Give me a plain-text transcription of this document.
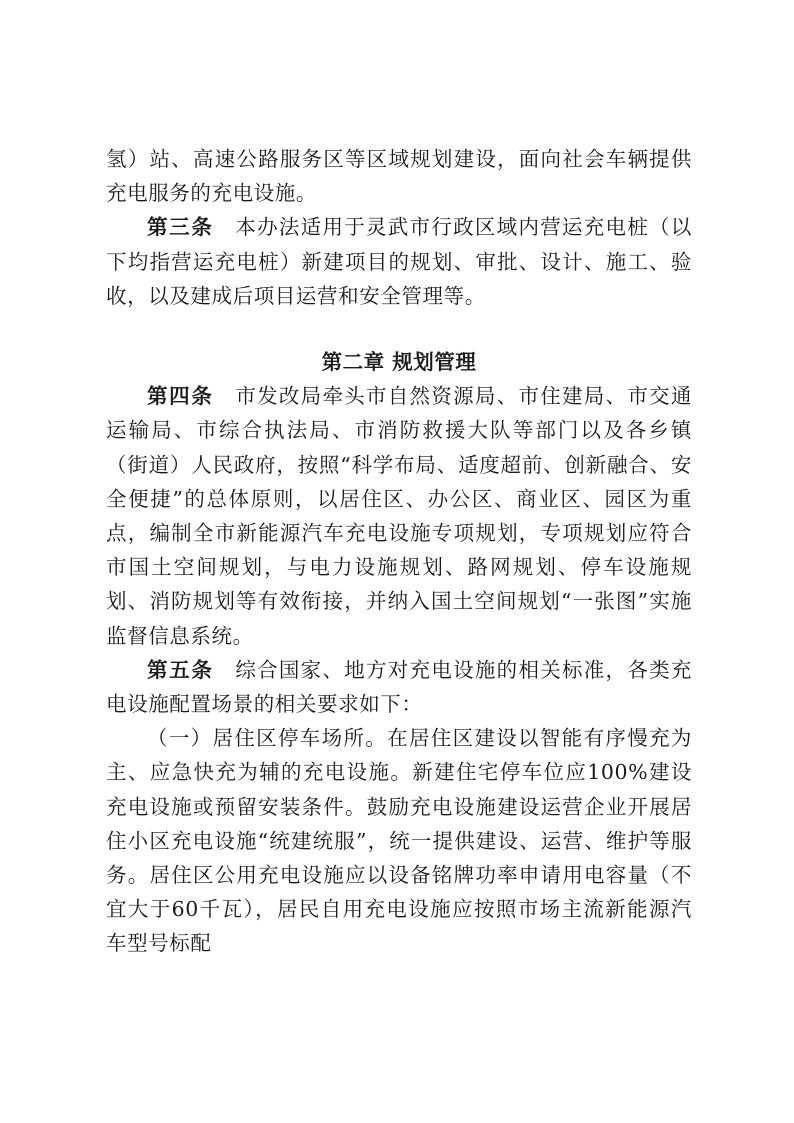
氢）站、高速公路服务区等区域规划建设，面向社会车辆提供充电服务的充电设施。

第三条　 本办法适用于灵武市行政区域内营运充电桩（以下均指营运充电桩）新建项目的规划、审批、设计、施工、验收，以及建成后项目运营和安全管理等。

第二章 规划管理

第四条　 市发改局牵头市自然资源局、市住建局、市交通运输局、市综合执法局、市消防救援大队等部门以及各乡镇（街道）人民政府，按照“科学布局、适度超前、创新融合、安全便捷”的总体原则，以居住区、办公区、商业区、园区为重点，编制全市新能源汽车充电设施专项规划，专项规划应符合市国土空间规划，与电力设施规划、路网规划、停车设施规划、消防规划等有效衔接，并纳入国土空间规划“一张图”实施监督信息系统。

第五条　 综合国家、地方对充电设施的相关标准，各类充电设施配置场景的相关要求如下：

（一）居住区停车场所。在居住区建设以智能有序慢充为主、应急快充为辅的充电设施。新建住宅停车位应100%建设充电设施或预留安装条件。鼓励充电设施建设运营企业开展居住小区充电设施“统建统服”，统一提供建设、运营、维护等服务。居住区公用充电设施应以设备铭牌功率申请用电容量（不宜大于60千瓦），居民自用充电设施应按照市场主流新能源汽车型号标配
